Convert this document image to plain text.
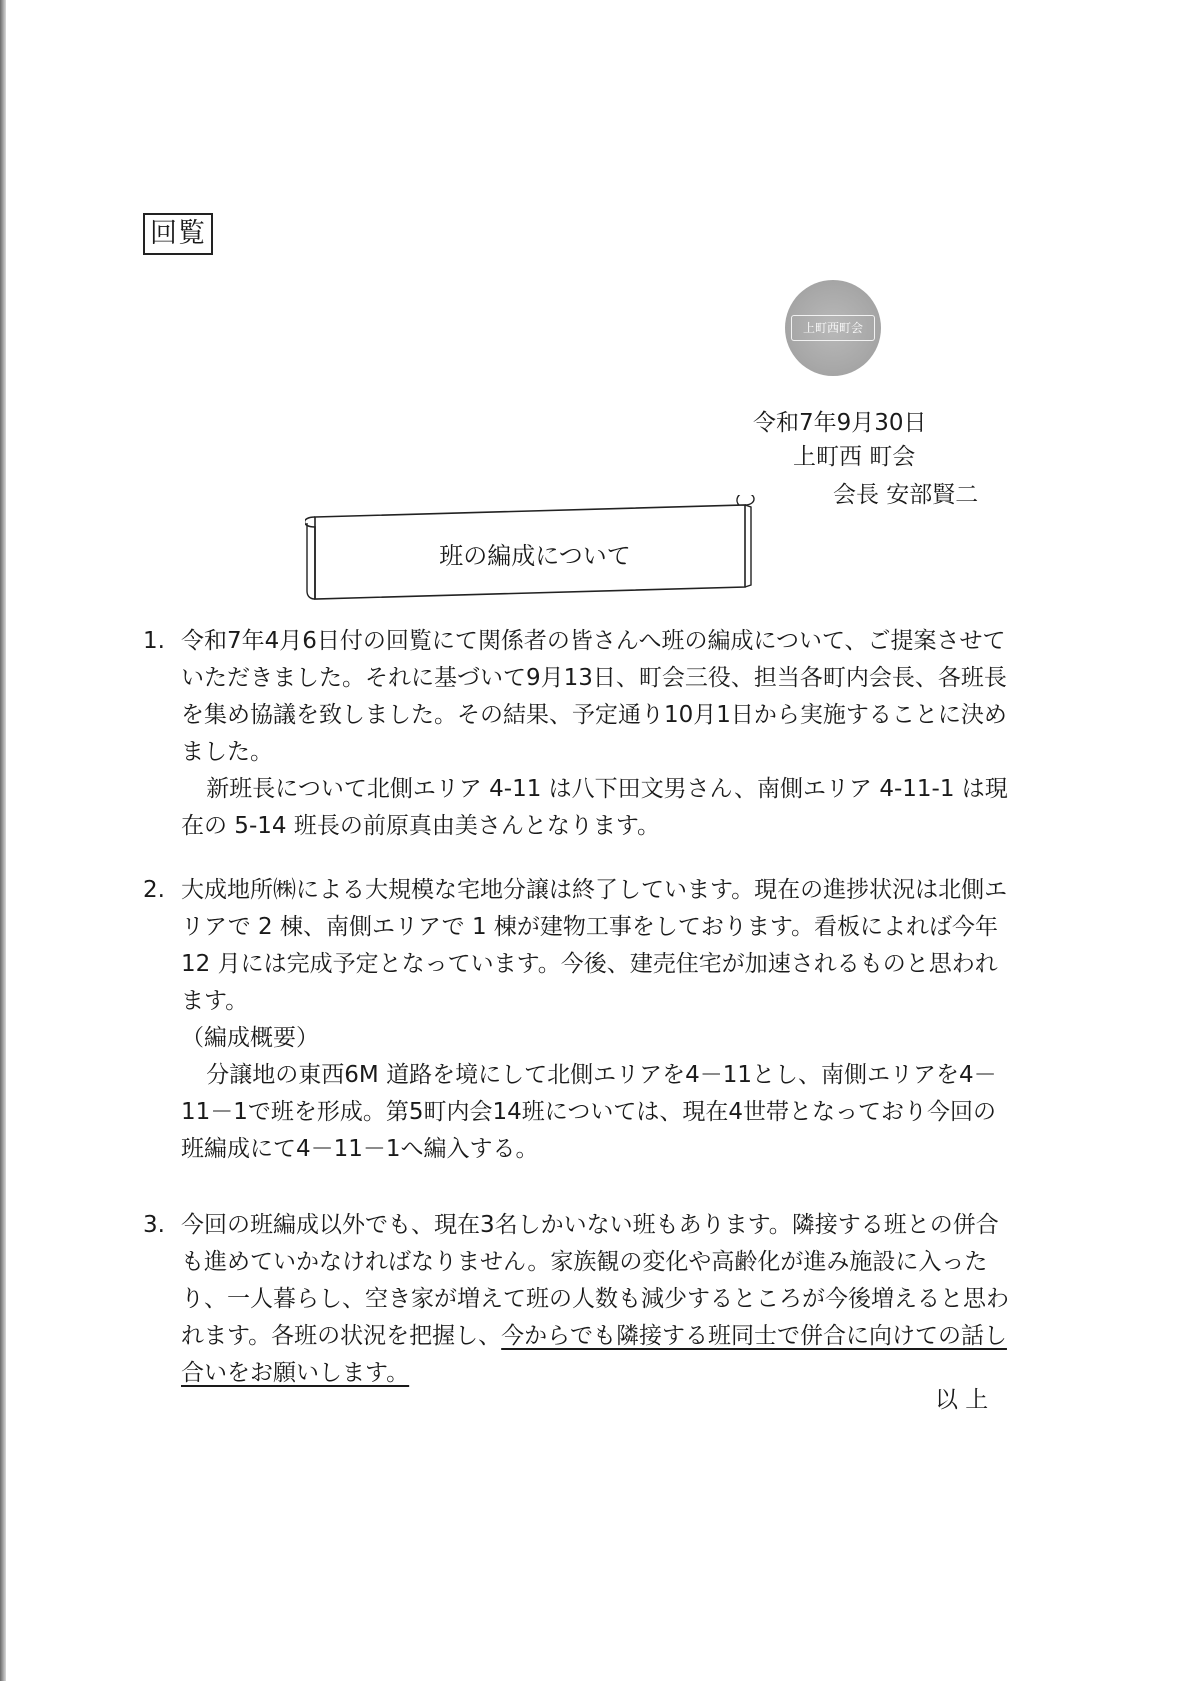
回覧
上町西町会
令和7年9月30日
上町西 町会
会長 安部賢二
班の編成について
1. 令和7年4月6日付の回覧にて関係者の皆さんへ班の編成について、ご提案させていただきました。それに基づいて9月13日、町会三役、担当各町内会長、各班長を集め協議を致しました。その結果、予定通り10月1日から実施することに決めました。

新班長について北側エリア 4-11 は八下田文男さん、南側エリア 4-11-1 は現在の 5-14 班長の前原真由美さんとなります。

2. 大成地所㈱による大規模な宅地分譲は終了しています。現在の進捗状況は北側エリアで 2 棟、南側エリアで 1 棟が建物工事をしております。看板によれば今年 12 月には完成予定となっています。今後、建売住宅が加速されるものと思われます。

（編成概要）

分譲地の東西6M 道路を境にして北側エリアを4－11とし、南側エリアを4－11－1で班を形成。第5町内会14班については、現在4世帯となっており今回の班編成にて4－11－1へ編入する。

3. 今回の班編成以外でも、現在3名しかいない班もあります。隣接する班との併合も進めていかなければなりません。家族観の変化や高齢化が進み施設に入ったり、一人暮らし、空き家が増えて班の人数も減少するところが今後増えると思われます。各班の状況を把握し、今からでも隣接する班同士で併合に向けての話し合いをお願いします。

以 上
